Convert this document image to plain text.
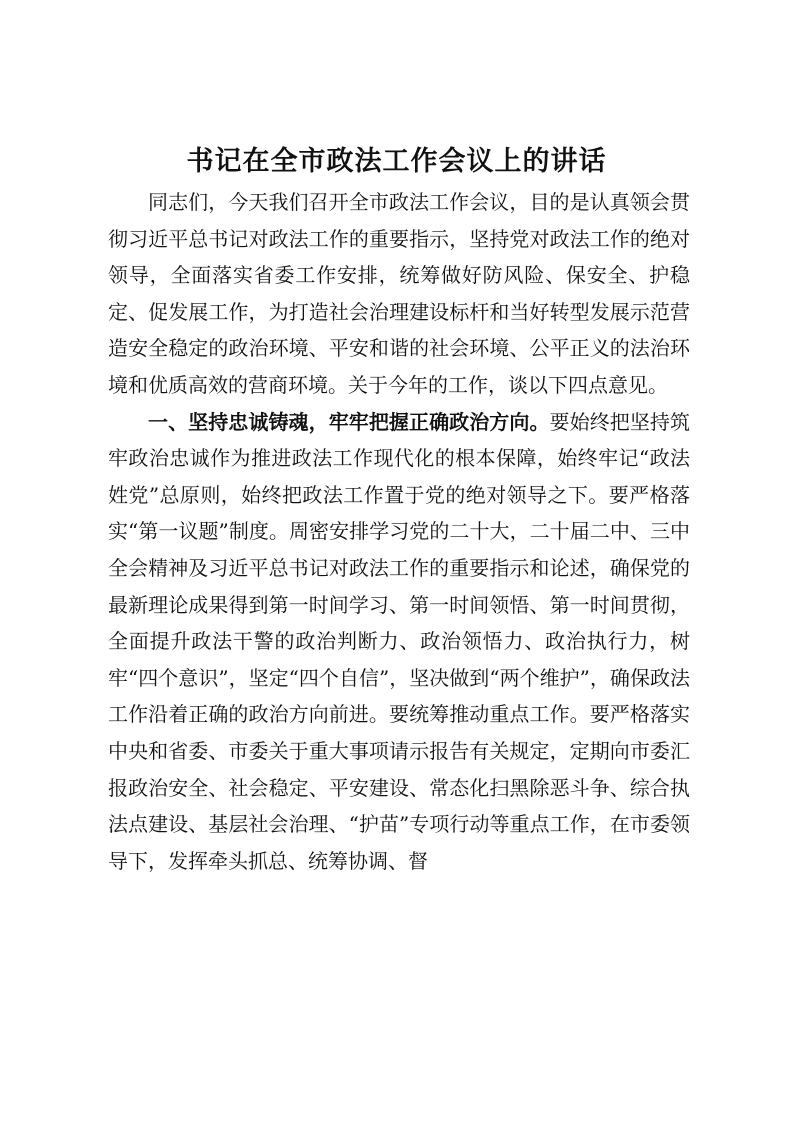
书记在全市政法工作会议上的讲话

同志们，今天我们召开全市政法工作会议，目的是认真领会贯彻习近平总书记对政法工作的重要指示，坚持党对政法工作的绝对领导，全面落实省委工作安排，统筹做好防风险、保安全、护稳定、促发展工作，为打造社会治理建设标杆和当好转型发展示范营造安全稳定的政治环境、平安和谐的社会环境、公平正义的法治环境和优质高效的营商环境。关于今年的工作，谈以下四点意见。

一、坚持忠诚铸魂，牢牢把握正确政治方向。要始终把坚持筑牢政治忠诚作为推进政法工作现代化的根本保障，始终牢记“政法姓党”总原则，始终把政法工作置于党的绝对领导之下。要严格落实“第一议题”制度。周密安排学习党的二十大，二十届二中、三中全会精神及习近平总书记对政法工作的重要指示和论述，确保党的最新理论成果得到第一时间学习、第一时间领悟、第一时间贯彻，全面提升政法干警的政治判断力、政治领悟力、政治执行力，树牢“四个意识”，坚定“四个自信”，坚决做到“两个维护”，确保政法工作沿着正确的政治方向前进。要统筹推动重点工作。要严格落实中央和省委、市委关于重大事项请示报告有关规定，定期向市委汇报政治安全、社会稳定、平安建设、常态化扫黑除恶斗争、综合执法点建设、基层社会治理、“护苗”专项行动等重点工作，在市委领导下，发挥牵头抓总、统筹协调、督
